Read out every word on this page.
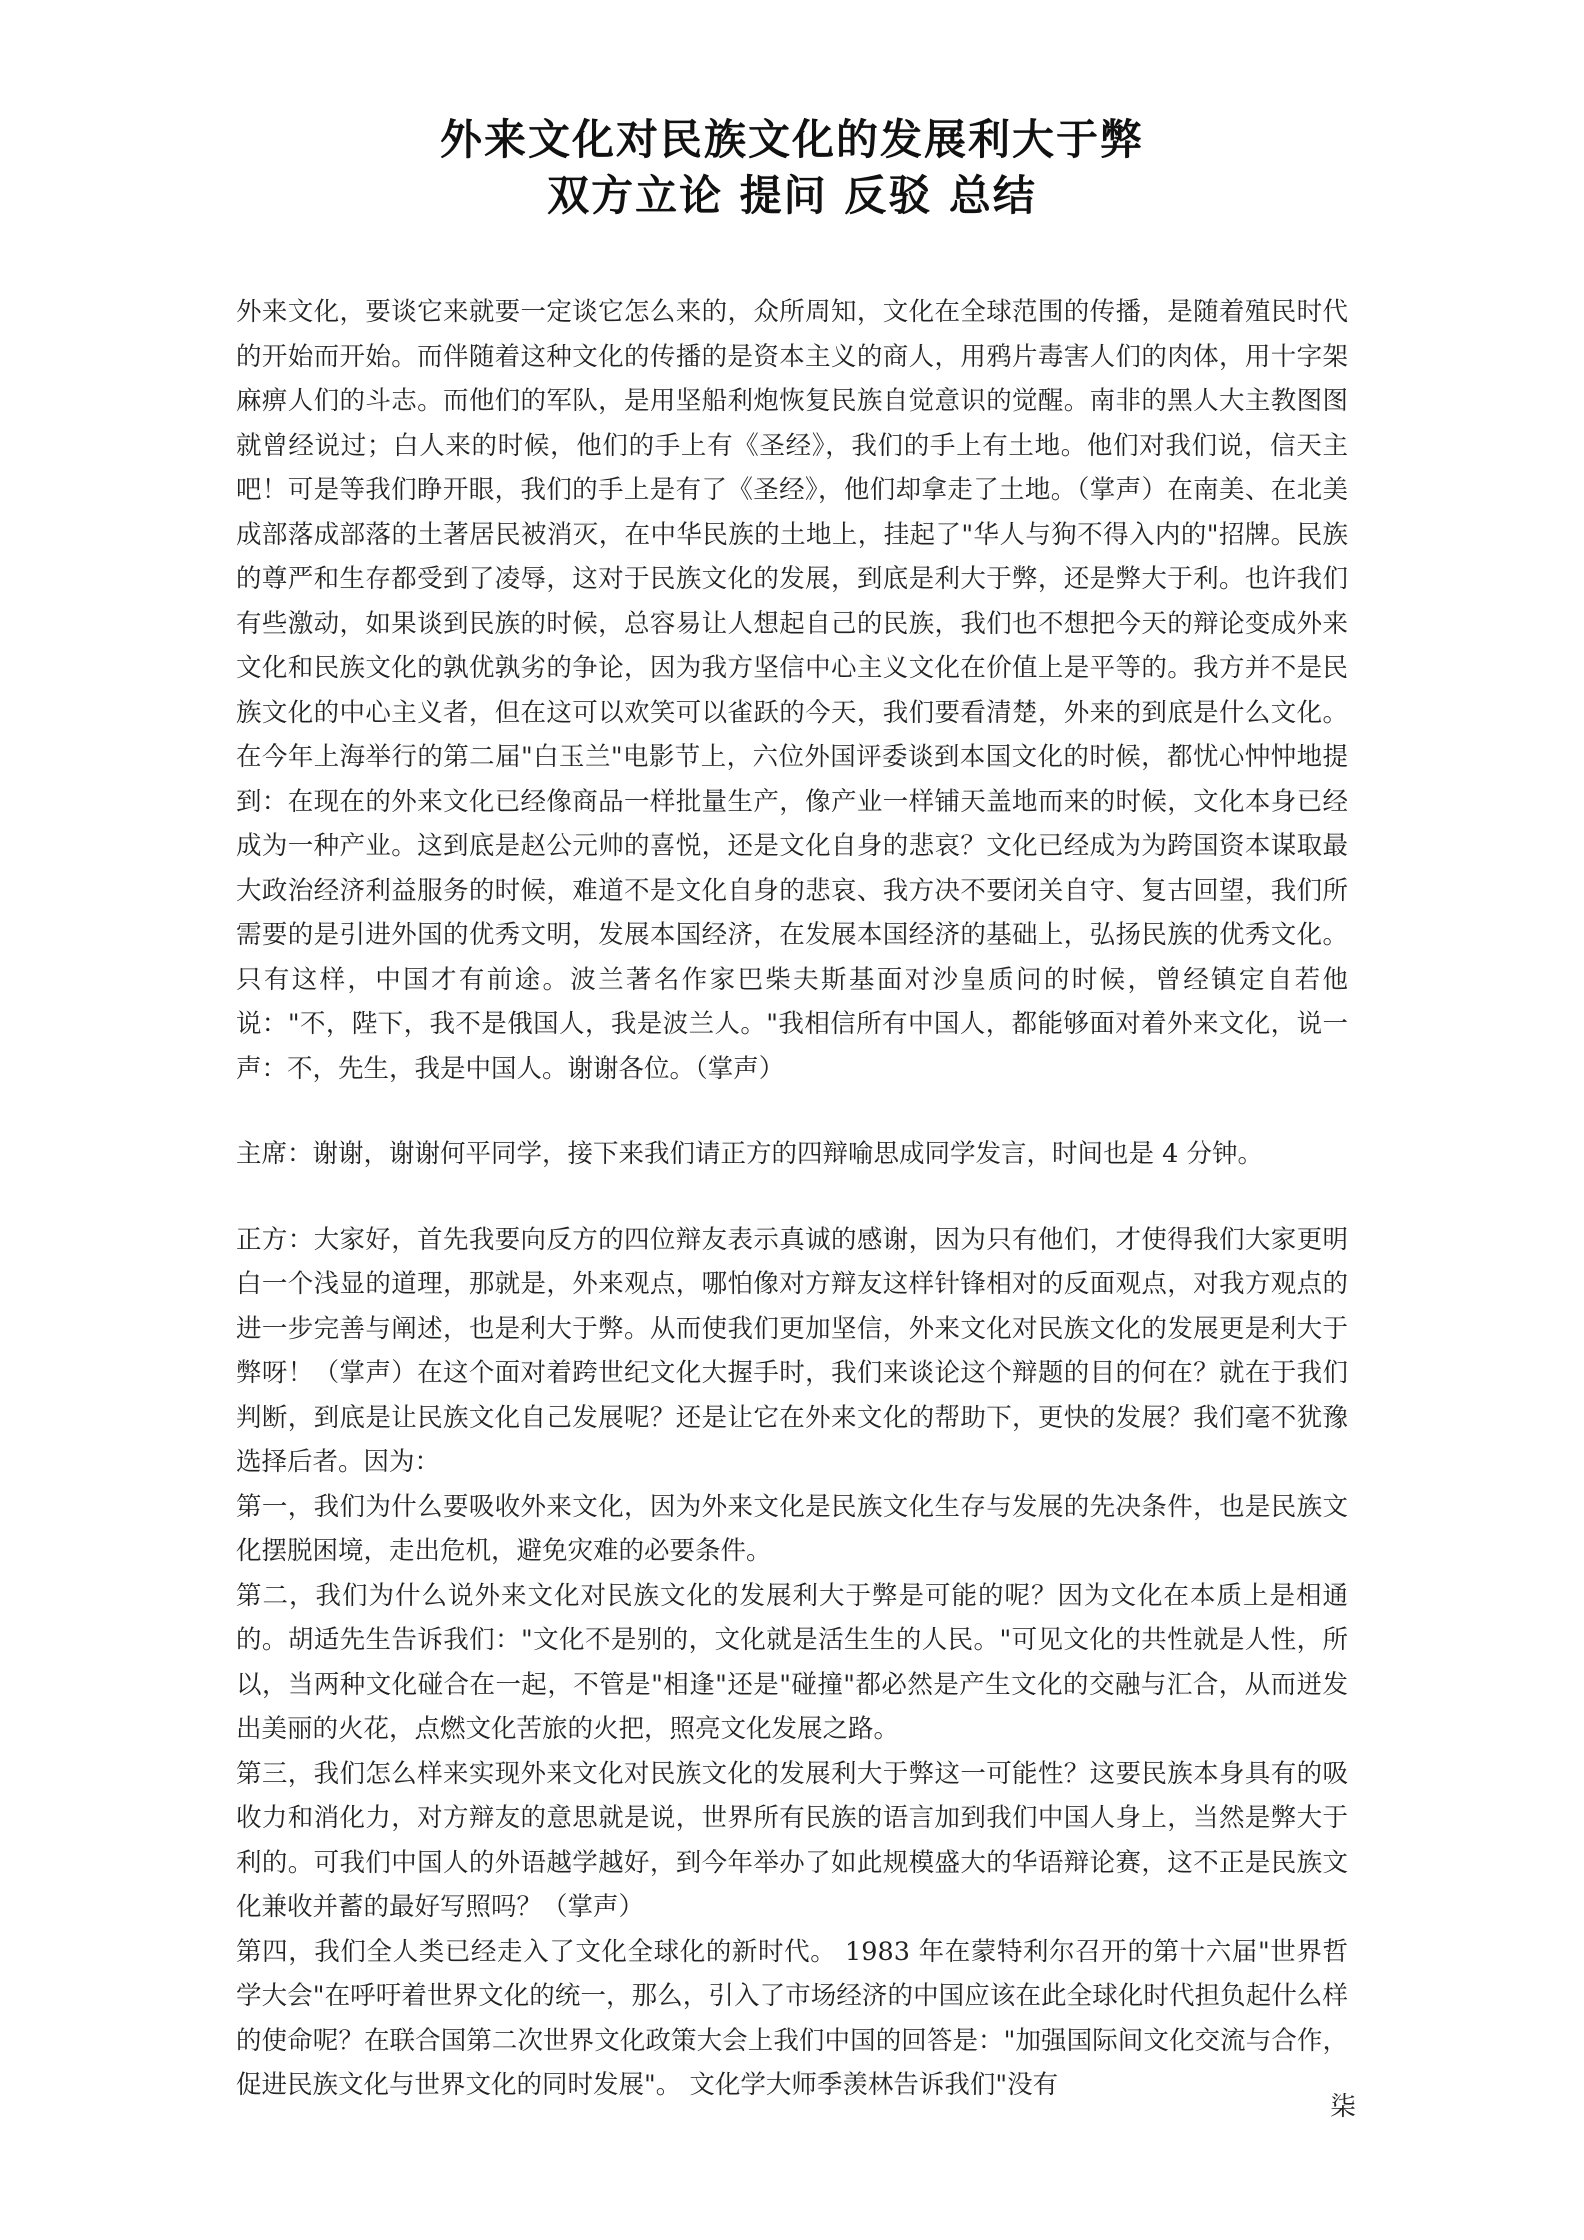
外来文化对民族文化的发展利大于弊
双方立论 提问 反驳 总结

外来文化，要谈它来就要一定谈它怎么来的，众所周知，文化在全球范围的传播，是随着殖民时代的开始而开始。而伴随着这种文化的传播的是资本主义的商人，用鸦片毒害人们的肉体，用十字架麻痹人们的斗志。而他们的军队，是用坚船利炮恢复民族自觉意识的觉醒。南非的黑人大主教图图就曾经说过；白人来的时候，他们的手上有《圣经》，我们的手上有土地。他们对我们说，信天主吧！可是等我们睁开眼，我们的手上是有了《圣经》，他们却拿走了土地。（掌声）在南美、在北美成部落成部落的土著居民被消灭，在中华民族的土地上，挂起了"华人与狗不得入内的"招牌。民族的尊严和生存都受到了凌辱，这对于民族文化的发展，到底是利大于弊，还是弊大于利。也许我们有些激动，如果谈到民族的时候，总容易让人想起自己的民族，我们也不想把今天的辩论变成外来文化和民族文化的孰优孰劣的争论，因为我方坚信中心主义文化在价值上是平等的。我方并不是民族文化的中心主义者，但在这可以欢笑可以雀跃的今天，我们要看清楚，外来的到底是什么文化。在今年上海举行的第二届"白玉兰"电影节上，六位外国评委谈到本国文化的时候，都忧心忡忡地提到：在现在的外来文化已经像商品一样批量生产，像产业一样铺天盖地而来的时候，文化本身已经成为一种产业。这到底是赵公元帅的喜悦，还是文化自身的悲哀？文化已经成为为跨国资本谋取最大政治经济利益服务的时候，难道不是文化自身的悲哀、我方决不要闭关自守、复古回望，我们所需要的是引进外国的优秀文明，发展本国经济，在发展本国经济的基础上，弘扬民族的优秀文化。只有这样，中国才有前途。波兰著名作家巴柴夫斯基面对沙皇质问的时候，曾经镇定自若他说："不，陛下，我不是俄国人，我是波兰人。"我相信所有中国人，都能够面对着外来文化，说一声：不，先生，我是中国人。谢谢各位。（掌声）

主席：谢谢，谢谢何平同学，接下来我们请正方的四辩喻思成同学发言，时间也是 4 分钟。

正方：大家好，首先我要向反方的四位辩友表示真诚的感谢，因为只有他们，才使得我们大家更明白一个浅显的道理，那就是，外来观点，哪怕像对方辩友这样针锋相对的反面观点，对我方观点的进一步完善与阐述，也是利大于弊。从而使我们更加坚信，外来文化对民族文化的发展更是利大于弊呀！（掌声）在这个面对着跨世纪文化大握手时，我们来谈论这个辩题的目的何在？就在于我们判断，到底是让民族文化自己发展呢？还是让它在外来文化的帮助下，更快的发展？我们毫不犹豫选择后者。因为：

第一，我们为什么要吸收外来文化，因为外来文化是民族文化生存与发展的先决条件，也是民族文化摆脱困境，走出危机，避免灾难的必要条件。

第二，我们为什么说外来文化对民族文化的发展利大于弊是可能的呢？因为文化在本质上是相通的。胡适先生告诉我们："文化不是别的，文化就是活生生的人民。"可见文化的共性就是人性，所以，当两种文化碰合在一起，不管是"相逢"还是"碰撞"都必然是产生文化的交融与汇合，从而迸发出美丽的火花，点燃文化苦旅的火把，照亮文化发展之路。

第三，我们怎么样来实现外来文化对民族文化的发展利大于弊这一可能性？这要民族本身具有的吸收力和消化力，对方辩友的意思就是说，世界所有民族的语言加到我们中国人身上，当然是弊大于利的。可我们中国人的外语越学越好，到今年举办了如此规模盛大的华语辩论赛，这不正是民族文化兼收并蓄的最好写照吗？（掌声）

第四，我们全人类已经走入了文化全球化的新时代。 1983 年在蒙特利尔召开的第十六届"世界哲学大会"在呼吁着世界文化的统一，那么，引入了市场经济的中国应该在此全球化时代担负起什么样的使命呢？在联合国第二次世界文化政策大会上我们中国的回答是："加强国际间文化交流与合作，促进民族文化与世界文化的同时发展"。 文化学大师季羡林告诉我们"没有

柒
